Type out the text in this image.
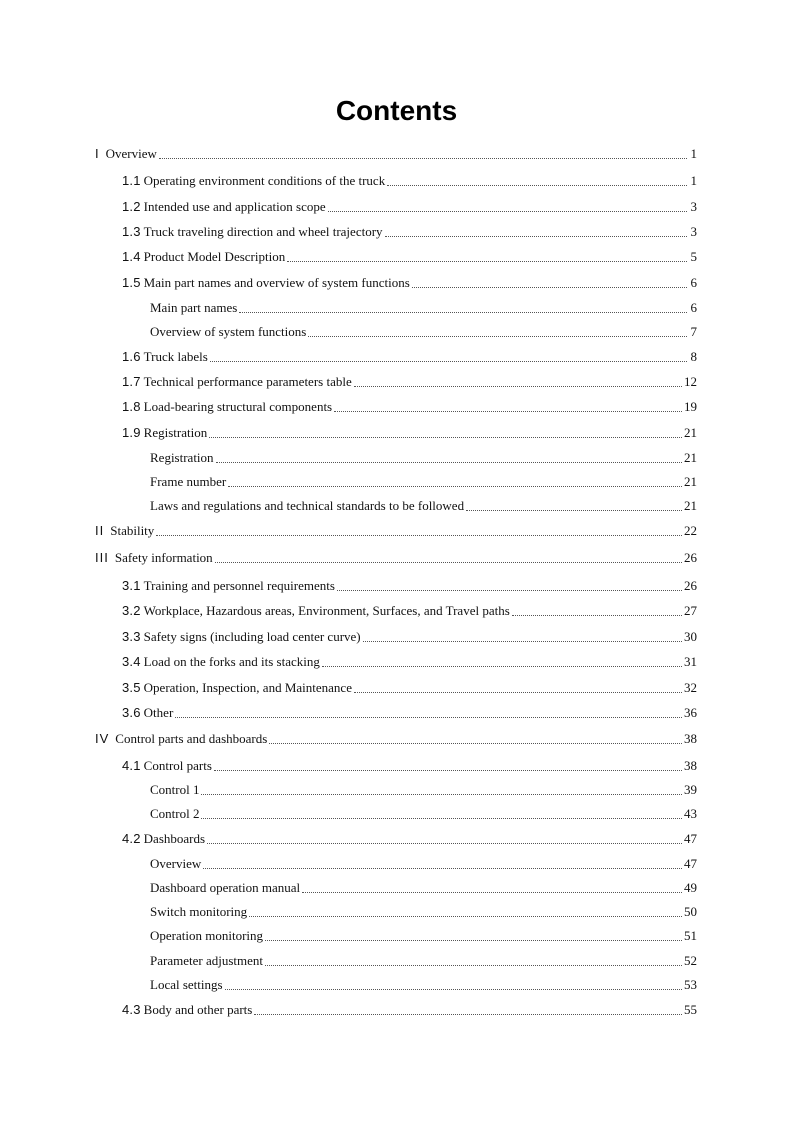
Contents
I Overview	1
1.1 Operating environment conditions of the truck	1
1.2 Intended use and application scope	3
1.3 Truck traveling direction and wheel trajectory	3
1.4 Product Model Description	5
1.5 Main part names and overview of system functions	6
Main part names	6
Overview of system functions	7
1.6 Truck labels	8
1.7 Technical performance parameters table	12
1.8 Load-bearing structural components	19
1.9 Registration	21
Registration	21
Frame number	21
Laws and regulations and technical standards to be followed	21
II Stability	22
III Safety information	26
3.1 Training and personnel requirements	26
3.2 Workplace, Hazardous areas, Environment, Surfaces, and Travel paths	27
3.3 Safety signs (including load center curve)	30
3.4 Load on the forks and its stacking	31
3.5 Operation, Inspection, and Maintenance	32
3.6 Other	36
IV Control parts and dashboards	38
4.1 Control parts	38
Control 1	39
Control 2	43
4.2 Dashboards	47
Overview	47
Dashboard operation manual	49
Switch monitoring	50
Operation monitoring	51
Parameter adjustment	52
Local settings	53
4.3 Body and other parts	55
